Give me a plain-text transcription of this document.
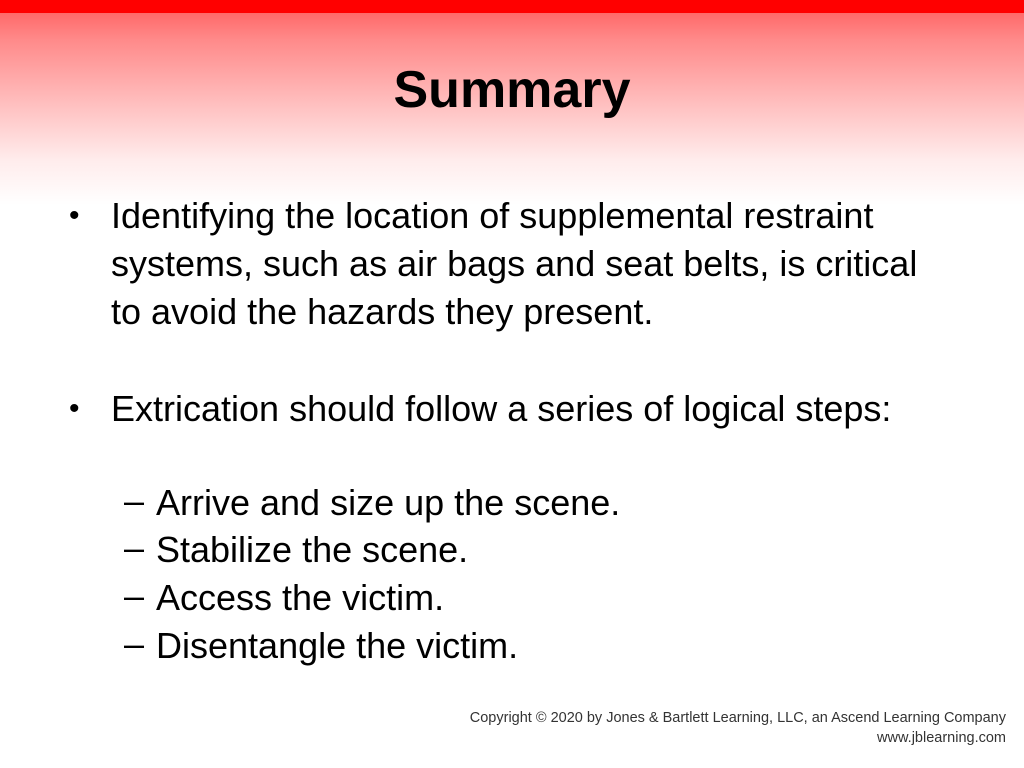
Summary
• Identifying the location of supplemental restraint systems, such as air bags and seat belts, is critical to avoid the hazards they present.
• Extrication should follow a series of logical steps:
– Arrive and size up the scene.
– Stabilize the scene.
– Access the victim.
– Disentangle the victim.
Copyright © 2020 by Jones & Bartlett Learning, LLC, an Ascend Learning Company
www.jblearning.com
